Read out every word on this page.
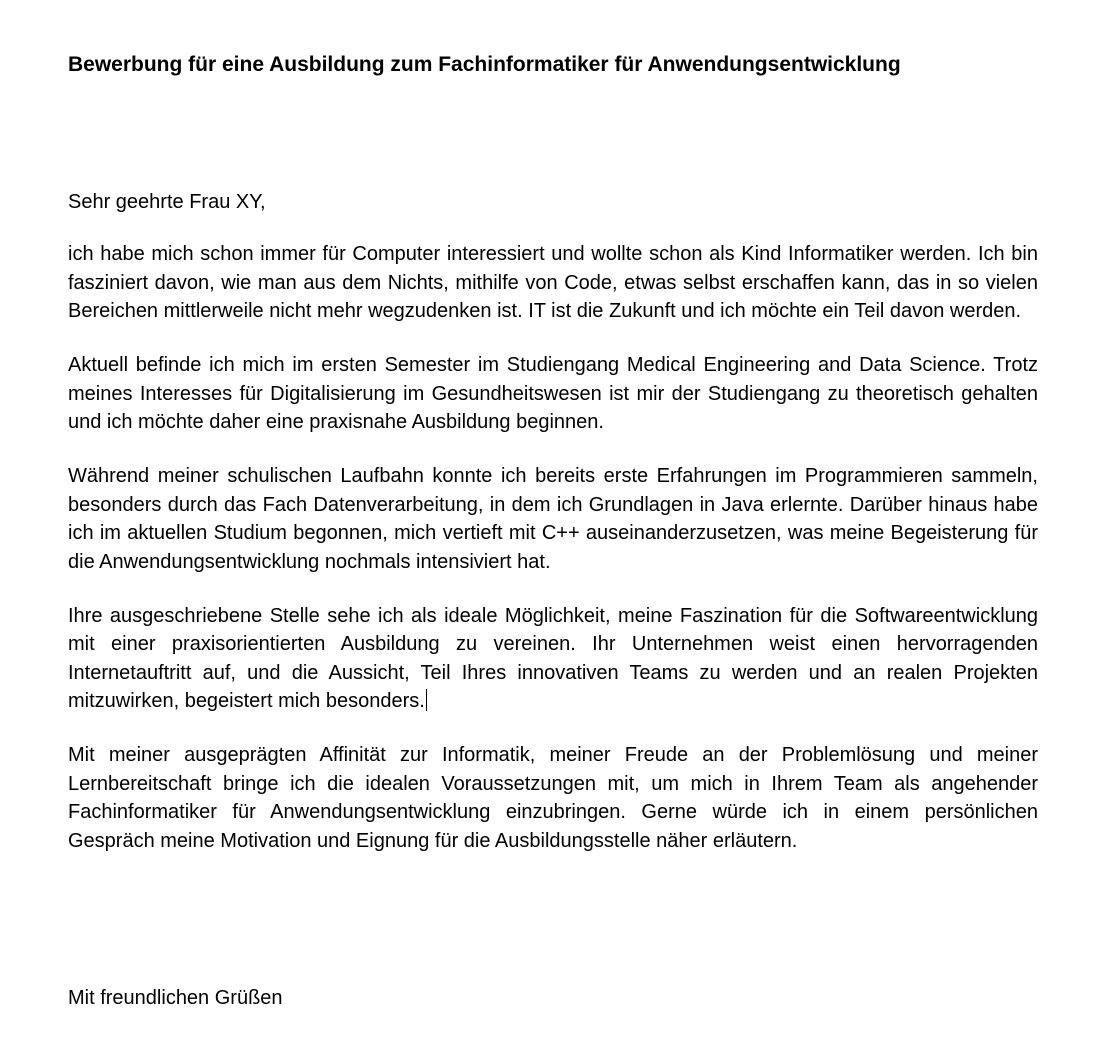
Bewerbung für eine Ausbildung zum Fachinformatiker für Anwendungsentwicklung

Sehr geehrte Frau XY,

ich habe mich schon immer für Computer interessiert und wollte schon als Kind Informatiker werden. Ich bin fasziniert davon, wie man aus dem Nichts, mithilfe von Code, etwas selbst erschaffen kann, das in so vielen Bereichen mittlerweile nicht mehr wegzudenken ist. IT ist die Zukunft und ich möchte ein Teil davon werden.

Aktuell befinde ich mich im ersten Semester im Studiengang Medical Engineering and Data Science. Trotz meines Interesses für Digitalisierung im Gesundheitswesen ist mir der Studiengang zu theoretisch gehalten und ich möchte daher eine praxisnahe Ausbildung beginnen.

Während meiner schulischen Laufbahn konnte ich bereits erste Erfahrungen im Programmieren sammeln, besonders durch das Fach Datenverarbeitung, in dem ich Grundlagen in Java erlernte. Darüber hinaus habe ich im aktuellen Studium begonnen, mich vertieft mit C++ auseinanderzusetzen, was meine Begeisterung für die Anwendungsentwicklung nochmals intensiviert hat.

Ihre ausgeschriebene Stelle sehe ich als ideale Möglichkeit, meine Faszination für die Softwareentwicklung mit einer praxisorientierten Ausbildung zu vereinen. Ihr Unternehmen weist einen hervorragenden Internetauftritt auf, und die Aussicht, Teil Ihres innovativen Teams zu werden und an realen Projekten mitzuwirken, begeistert mich besonders.

Mit meiner ausgeprägten Affinität zur Informatik, meiner Freude an der Problemlösung und meiner Lernbereitschaft bringe ich die idealen Voraussetzungen mit, um mich in Ihrem Team als angehender Fachinformatiker für Anwendungsentwicklung einzubringen. Gerne würde ich in einem persönlichen Gespräch meine Motivation und Eignung für die Ausbildungsstelle näher erläutern.

Mit freundlichen Grüßen
